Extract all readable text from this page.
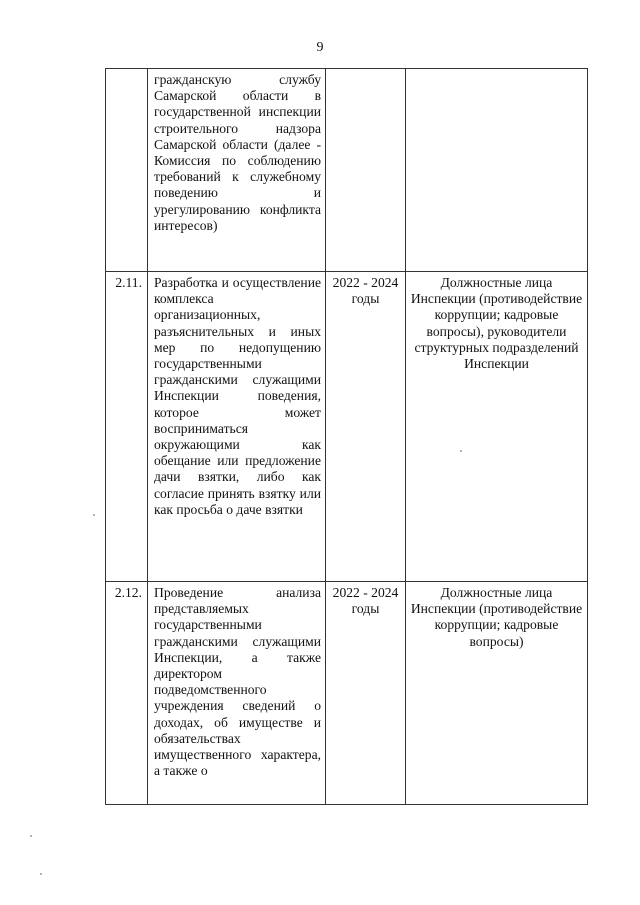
9
	гражданскую службу Самарской области в государственной инспекции строительного надзора Самарской области (далее - Комиссия по соблюдению требований к служебному поведению и урегулированию конфликта интересов)		
2.11.	Разработка и осуществление комплекса организационных, разъяснительных и иных мер по недопущению государственными гражданскими служащими Инспекции поведения, которое может восприниматься окружающими как обещание или предложение дачи взятки, либо как согласие принять взятку или как просьба о даче взятки	2022 - 2024 годы	Должностные лица Инспекции (противодействие коррупции; кадровые вопросы), руководители структурных подразделений Инспекции
2.12.	Проведение анализа представляемых государственными гражданскими служащими Инспекции, а также директором подведомственного учреждения сведений о доходах, об имуществе и обязательствах имущественного характера, а также о	2022 - 2024 годы	Должностные лица Инспекции (противодействие коррупции; кадровые вопросы)
